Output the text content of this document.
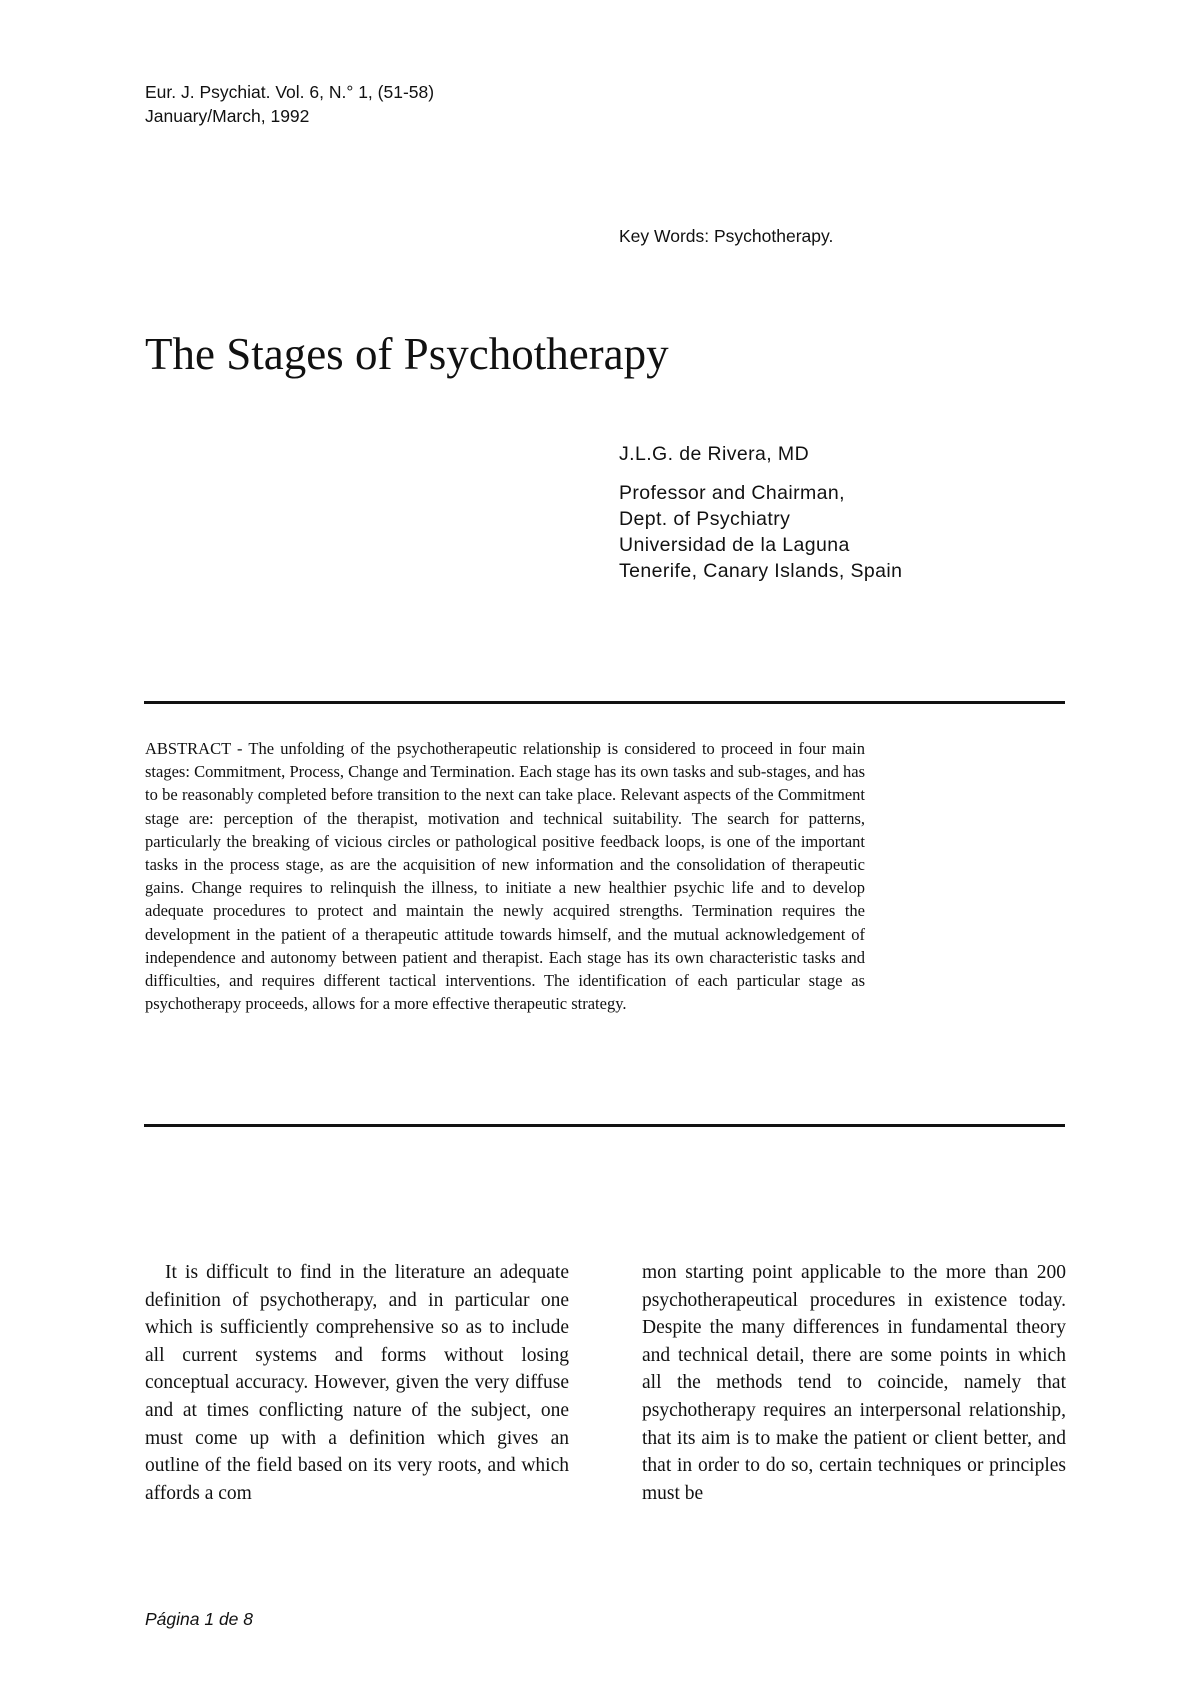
Eur. J. Psychiat. Vol. 6, N.° 1, (51-58)
January/March, 1992
Key Words: Psychotherapy.
The Stages of Psychotherapy
J.L.G. de Rivera, MD
Professor and Chairman,
Dept. of Psychiatry
Universidad de la Laguna
Tenerife, Canary Islands, Spain

ABSTRACT - The unfolding of the psychotherapeutic relationship is considered to proceed in four main stages: Commitment, Process, Change and Termination. Each stage has its own tasks and sub-stages, and has to be reasonably completed before transition to the next can take place. Relevant aspects of the Commitment stage are: perception of the therapist, motivation and technical suitability. The search for patterns, particularly the breaking of vicious circles or pathological positive feedback loops, is one of the important tasks in the process stage, as are the acquisition of new information and the consolidation of therapeutic gains. Change requires to relinquish the illness, to initiate a new healthier psychic life and to develop adequate procedures to protect and maintain the newly acquired strengths. Termination requires the development in the patient of a therapeutic attitude towards himself, and the mutual acknowledgement of independence and autonomy between patient and therapist. Each stage has its own characteristic tasks and difficulties, and requires different tactical interventions. The identification of each particular stage as psychotherapy proceeds, allows for a more effective therapeutic strategy.

It is difficult to find in the literature an adequate definition of psychotherapy, and in particular one which is sufficiently comprehensive so as to include all current systems and forms without losing conceptual accuracy. However, given the very diffuse and at times conflicting nature of the subject, one must come up with a definition which gives an outline of the field based on its very roots, and which affords a com

mon starting point applicable to the more than 200 psychotherapeutical procedures in existence today. Despite the many differences in fundamental theory and technical detail, there are some points in which all the methods tend to coincide, namely that psychotherapy requires an interpersonal relationship, that its aim is to make the patient or client better, and that in order to do so, certain techniques or principles must be

Página 1 de 8
